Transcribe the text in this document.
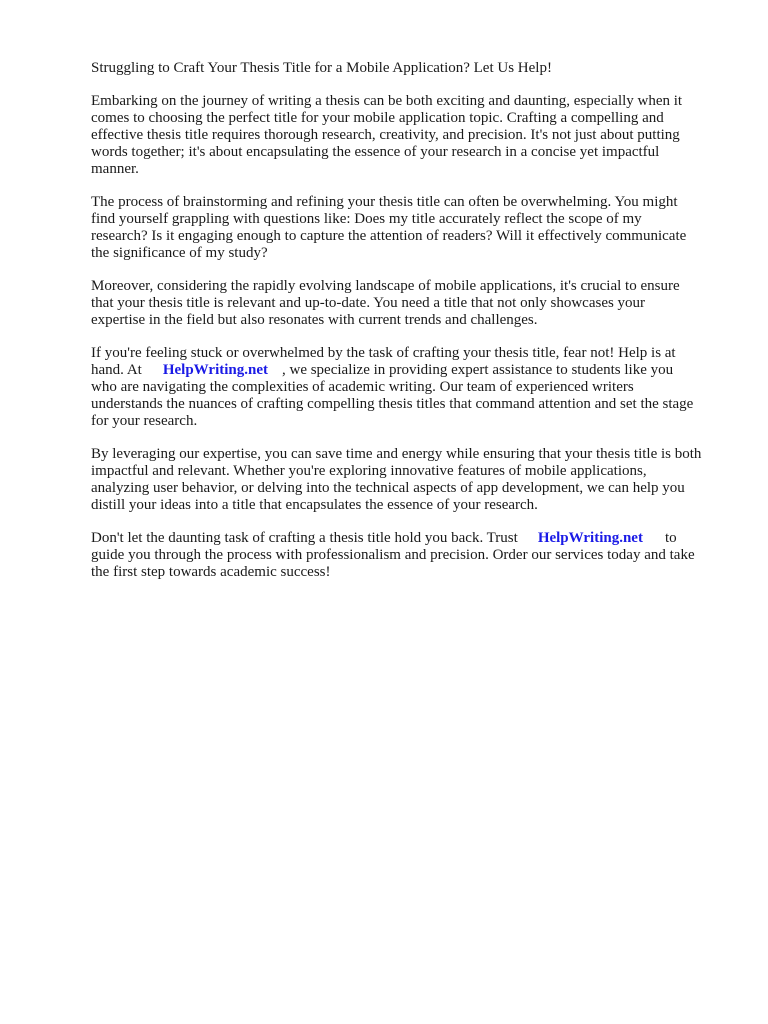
Struggling to Craft Your Thesis Title for a Mobile Application? Let Us Help!
Embarking on the journey of writing a thesis can be both exciting and daunting, especially when it
comes to choosing the perfect title for your mobile application topic. Crafting a compelling and
effective thesis title requires thorough research, creativity, and precision. It's not just about putting
words together; it's about encapsulating the essence of your research in a concise yet impactful
manner.
The process of brainstorming and refining your thesis title can often be overwhelming. You might
find yourself grappling with questions like: Does my title accurately reflect the scope of my
research? Is it engaging enough to capture the attention of readers? Will it effectively communicate
the significance of my study?
Moreover, considering the rapidly evolving landscape of mobile applications, it's crucial to ensure
that your thesis title is relevant and up-to-date. You need a title that not only showcases your
expertise in the field but also resonates with current trends and challenges.
If you're feeling stuck or overwhelmed by the task of crafting your thesis title, fear not! Help is at
hand. At HelpWriting.net , we specialize in providing expert assistance to students like you
who are navigating the complexities of academic writing. Our team of experienced writers
understands the nuances of crafting compelling thesis titles that command attention and set the stage
for your research.
By leveraging our expertise, you can save time and energy while ensuring that your thesis title is both
impactful and relevant. Whether you're exploring innovative features of mobile applications,
analyzing user behavior, or delving into the technical aspects of app development, we can help you
distill your ideas into a title that encapsulates the essence of your research.
Don't let the daunting task of crafting a thesis title hold you back. Trust HelpWriting.net to
guide you through the process with professionalism and precision. Order our services today and take
the first step towards academic success!
